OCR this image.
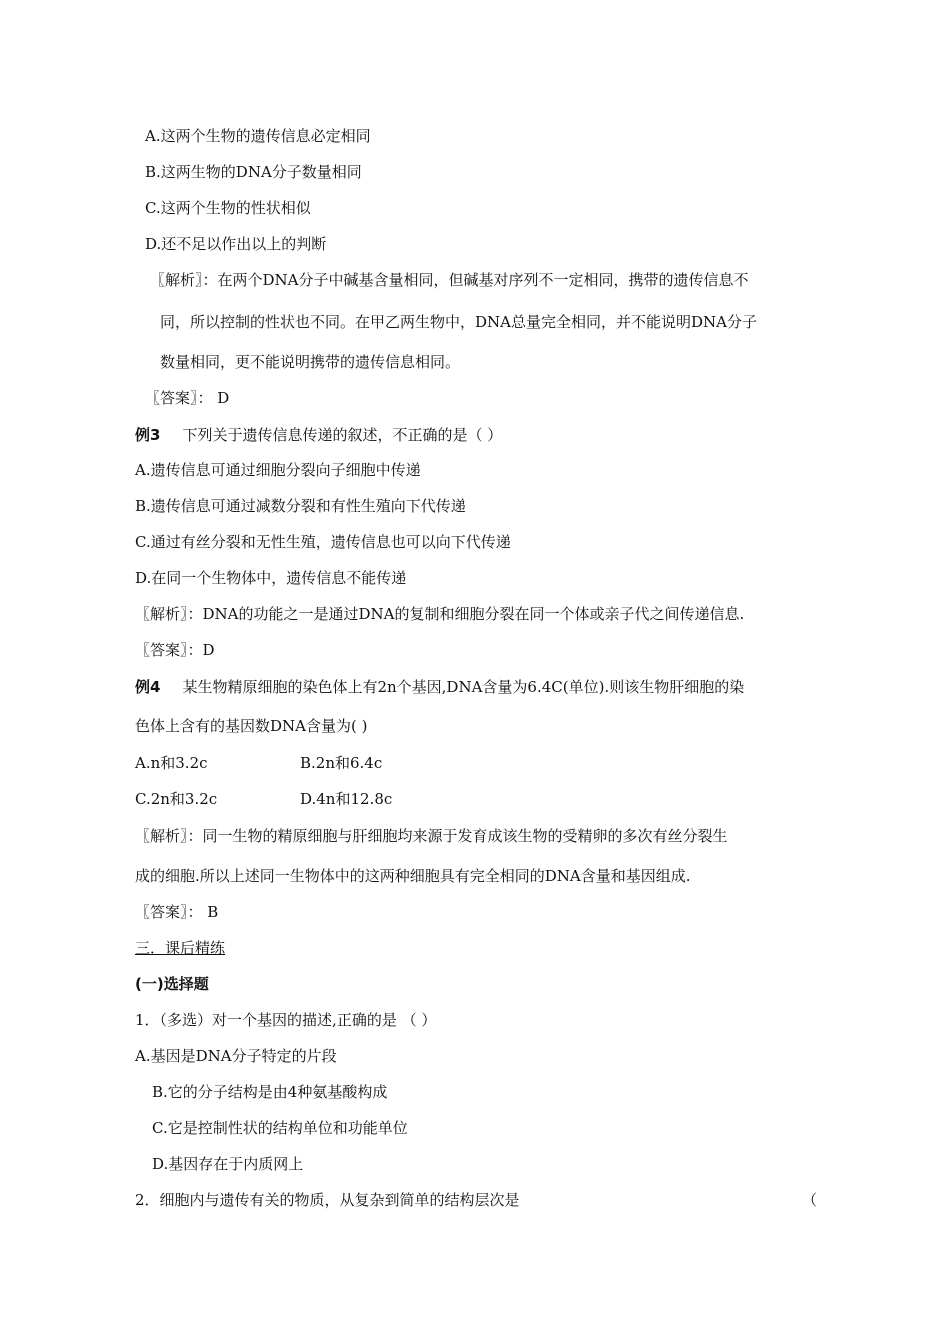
A.这两个生物的遗传信息必定相同
B.这两生物的DNA分子数量相同
C.这两个生物的性状相似
D.还不足以作出以上的判断
〖解析〗：在两个DNA分子中碱基含量相同，但碱基对序列不一定相同，携带的遗传信息不
同，所以控制的性状也不同。在甲乙两生物中，DNA总量完全相同，并不能说明DNA分子
数量相同，更不能说明携带的遗传信息相同。
〖答案〗： D
例3 下列关于遗传信息传递的叙述，不正确的是（ ）
A.遗传信息可通过细胞分裂向子细胞中传递
B.遗传信息可通过减数分裂和有性生殖向下代传递
C.通过有丝分裂和无性生殖，遗传信息也可以向下代传递
D.在同一个生物体中，遗传信息不能传递
〖解析〗：DNA的功能之一是通过DNA的复制和细胞分裂在同一个体或亲子代之间传递信息.
〖答案〗：D
例4 某生物精原细胞的染色体上有2n个基因,DNA含量为6.4C(单位).则该生物肝细胞的染
色体上含有的基因数DNA含量为( )
A.n和3.2c	B.2n和6.4c
C.2n和3.2c	D.4n和12.8c
〖解析〗：同一生物的精原细胞与肝细胞均来源于发育成该生物的受精卵的多次有丝分裂生
成的细胞.所以上述同一生物体中的这两种细胞具有完全相同的DNA含量和基因组成.
〖答案〗： B
三．课后精练
(一)选择题
1．（多选）对一个基因的描述,正确的是 （ ）
A.基因是DNA分子特定的片段
B.它的分子结构是由4种氨基酸构成
C.它是控制性状的结构单位和功能单位
D.基因存在于内质网上
2．细胞内与遗传有关的物质，从复杂到简单的结构层次是	（
